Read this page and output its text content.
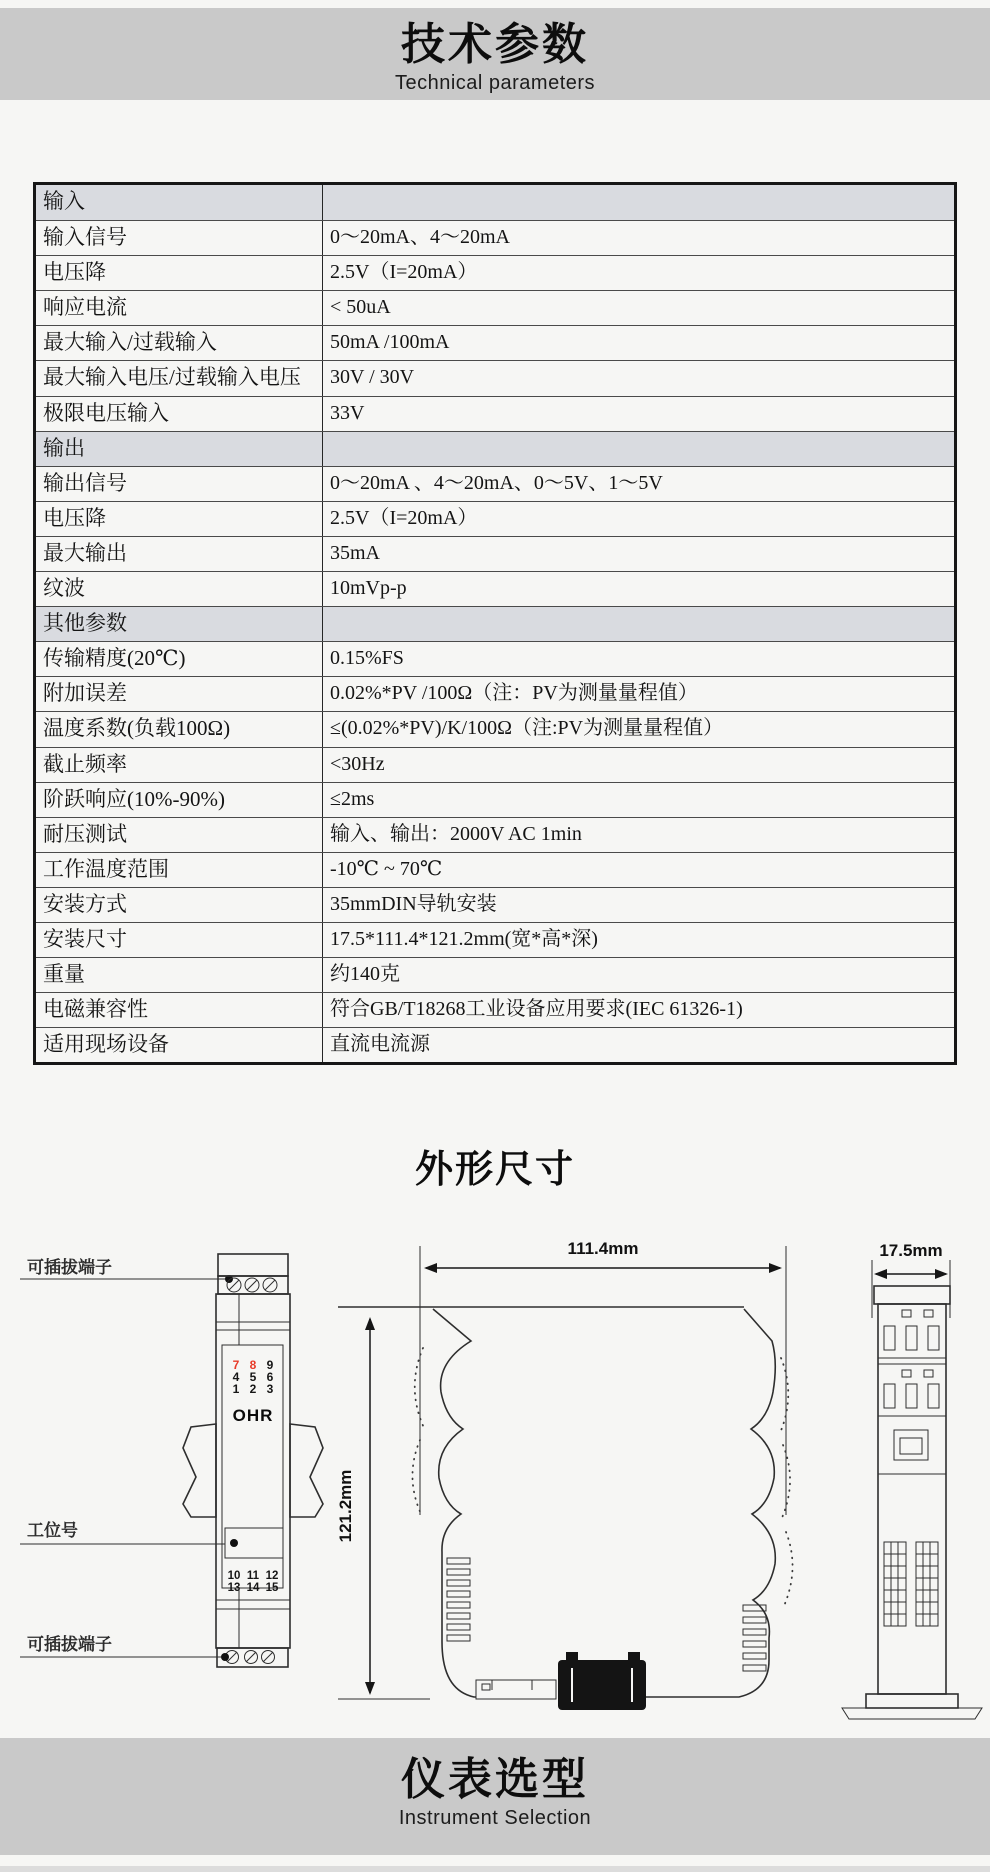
技术参数
Technical parameters
输入
输入信号	0～20mA、4～20mA
电压降	2.5V（I=20mA）
响应电流	< 50uA
最大输入/过载输入	50mA /100mA
最大输入电压/过载输入电压	30V / 30V
极限电压输入	33V
输出
输出信号	0～20mA 、4～20mA、0～5V、1～5V
电压降	2.5V（I=20mA）
最大输出	35mA
纹波	10mVp-p
其他参数
传输精度(20℃)	0.15%FS
附加误差	0.02%*PV /100Ω（注：PV为测量量程值）
温度系数(负载100Ω)	≤(0.02%*PV)/K/100Ω（注:PV为测量量程值）
截止频率	<30Hz
阶跃响应(10%-90%)	≤2ms
耐压测试	输入、输出：2000V AC 1min
工作温度范围	-10℃ ~ 70℃
安装方式	35mmDIN导轨安装
安装尺寸	17.5*111.4*121.2mm(宽*高*深)
重量	约140克
电磁兼容性	符合GB/T18268工业设备应用要求(IEC 61326-1)
适用现场设备	直流电流源
外形尺寸
可插拔端子
7 8 9
4 5 6
1 2 3
OHR
10 11 12
13 14 15
工位号
可插拔端子
111.4mm
121.2mm
17.5mm
仪表选型
Instrument Selection
